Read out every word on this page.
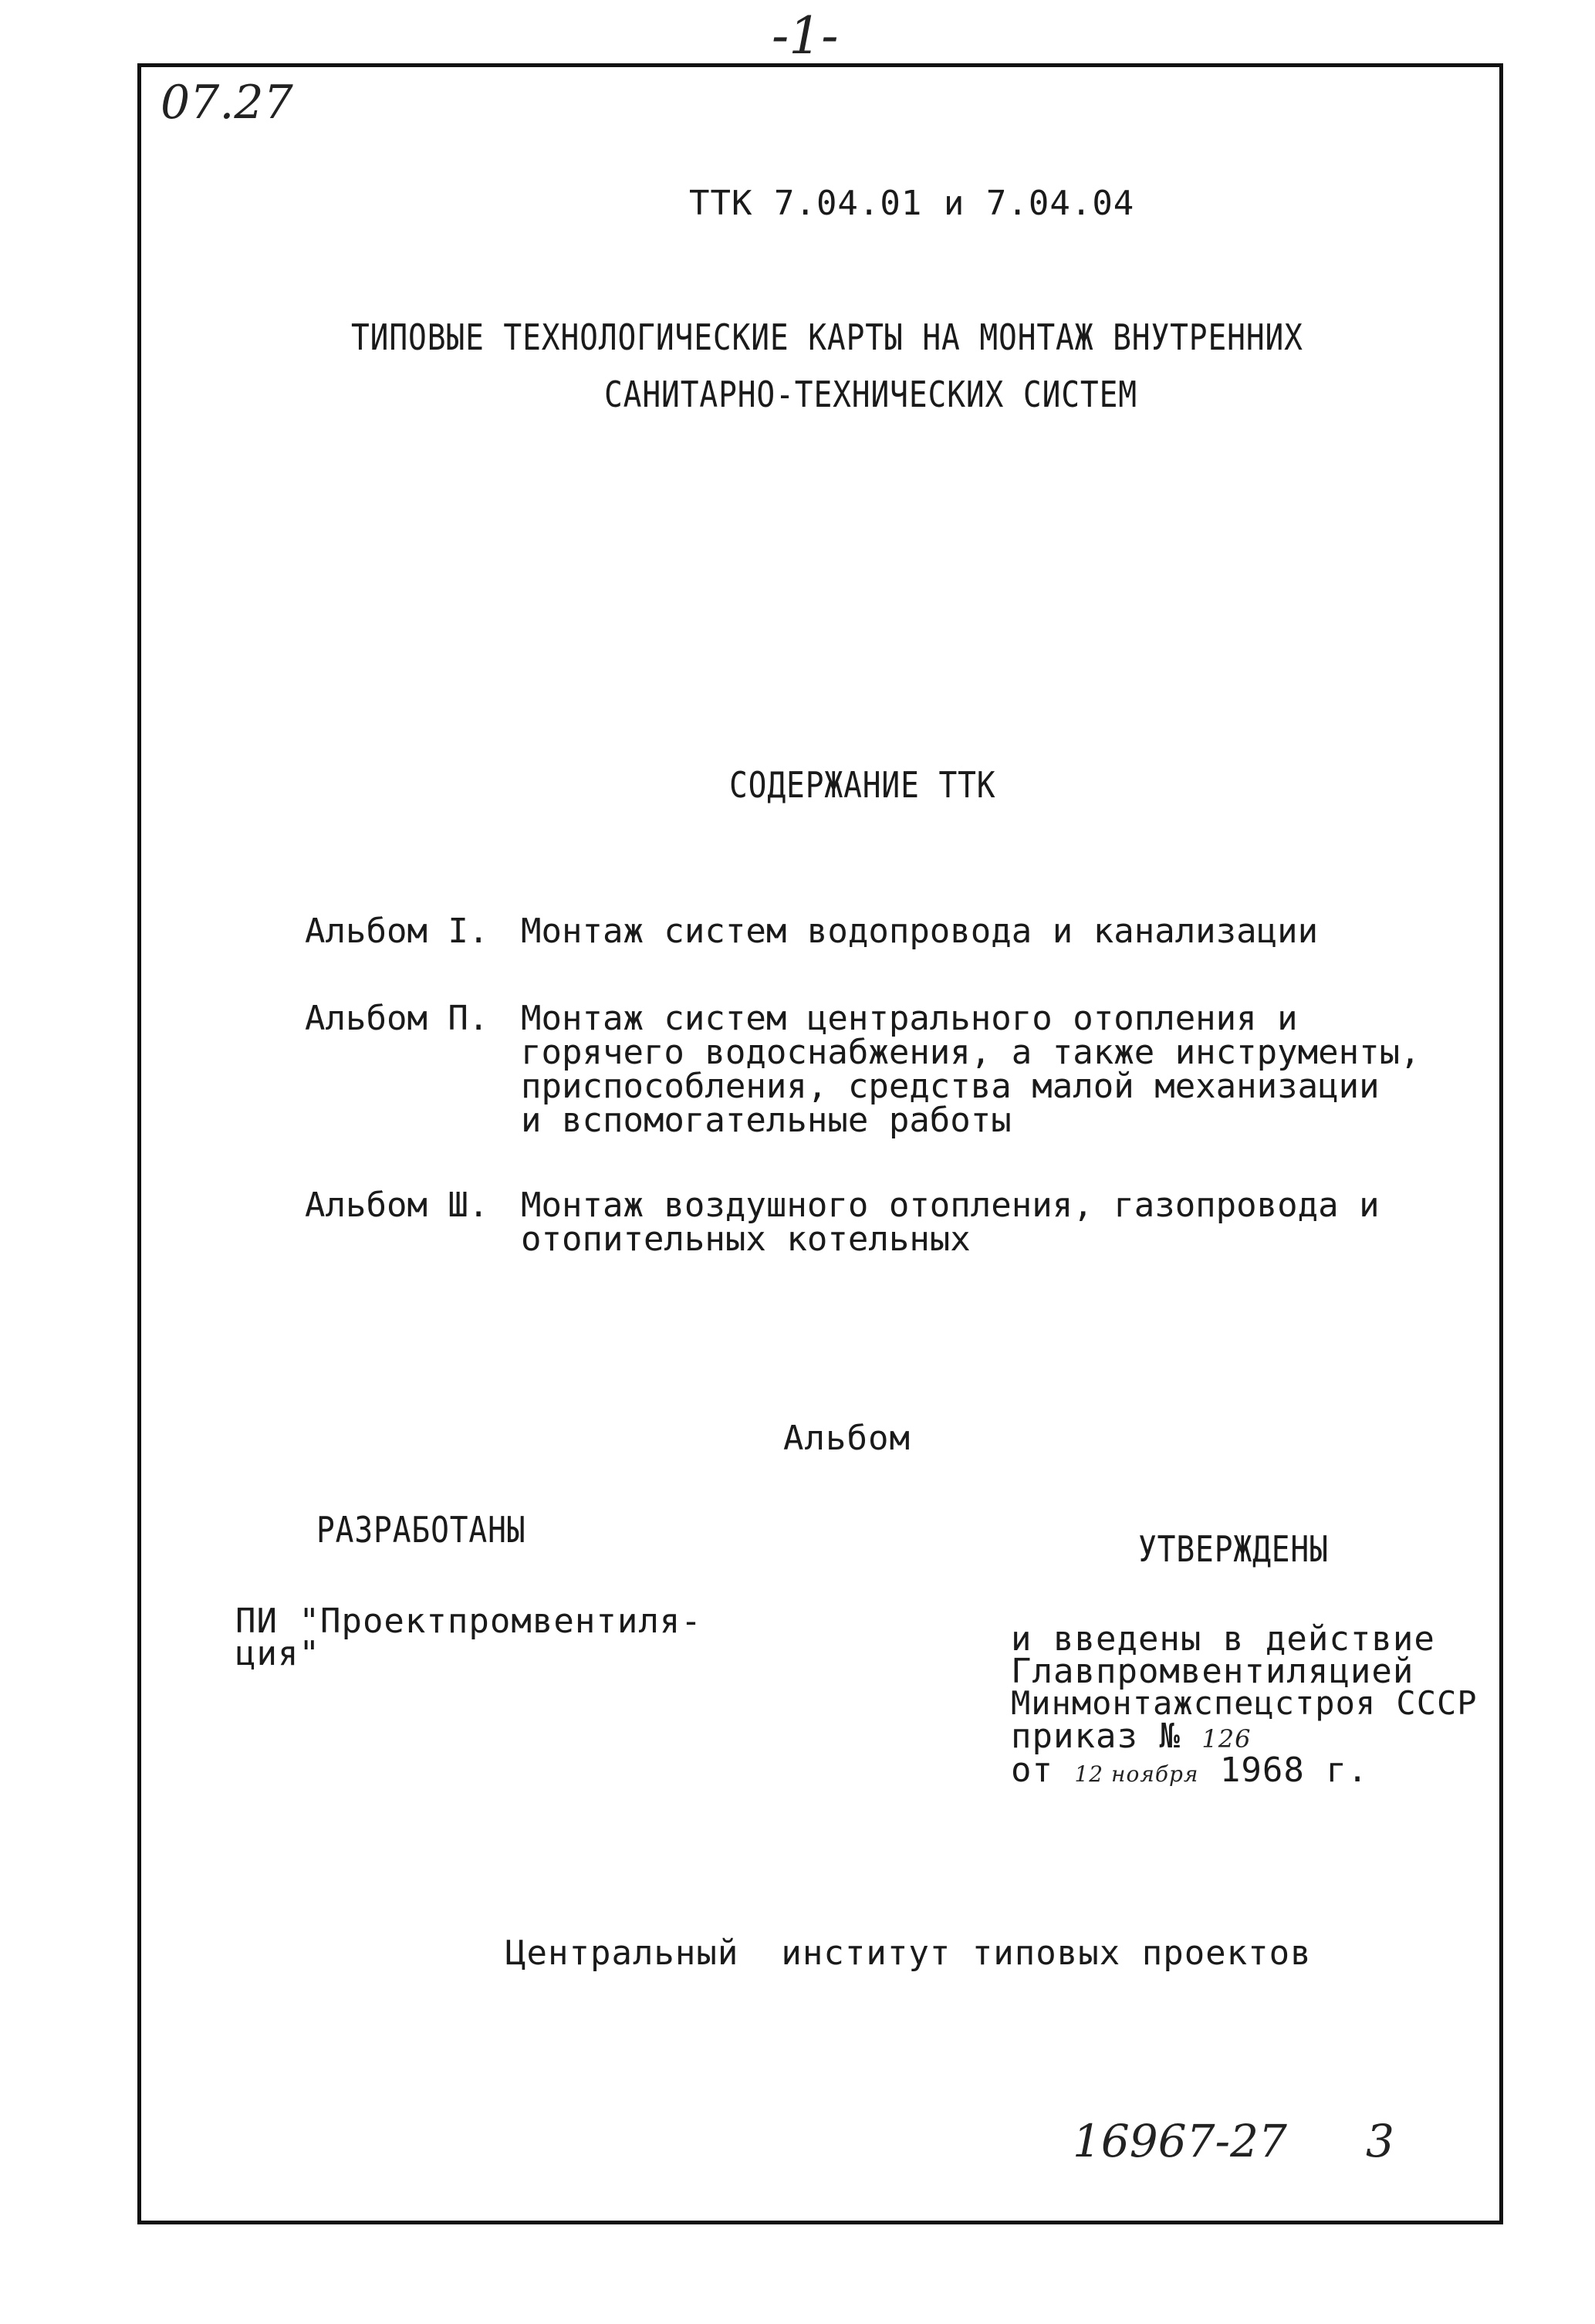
-1-
07.27
ТТК 7.04.01 и 7.04.04
ТИПОВЫЕ ТЕХНОЛОГИЧЕСКИЕ КАРТЫ НА МОНТАЖ ВНУТРЕННИХ
САНИТАРНО-ТЕХНИЧЕСКИХ СИСТЕМ
СОДЕРЖАНИЕ ТТК
Альбом I. Монтаж систем водопровода и канализации
Альбом П. Монтаж систем центрального отопления и
горячего водоснабжения, а также инструменты,
приспособления, средства малой механизации
и вспомогательные работы
Альбом Ш. Монтаж воздушного отопления, газопровода и
отопительных котельных
Альбом
РАЗРАБОТАНЫ
ПИ "Проектпромвентиля-
ция"
УТВЕРЖДЕНЫ
и введены в действие
Главпромвентиляцией
Минмонтажспецстроя СССР
приказ № 126
от 12 ноября 1968 г.
Центральный  институт типовых проектов
16967-27 3
